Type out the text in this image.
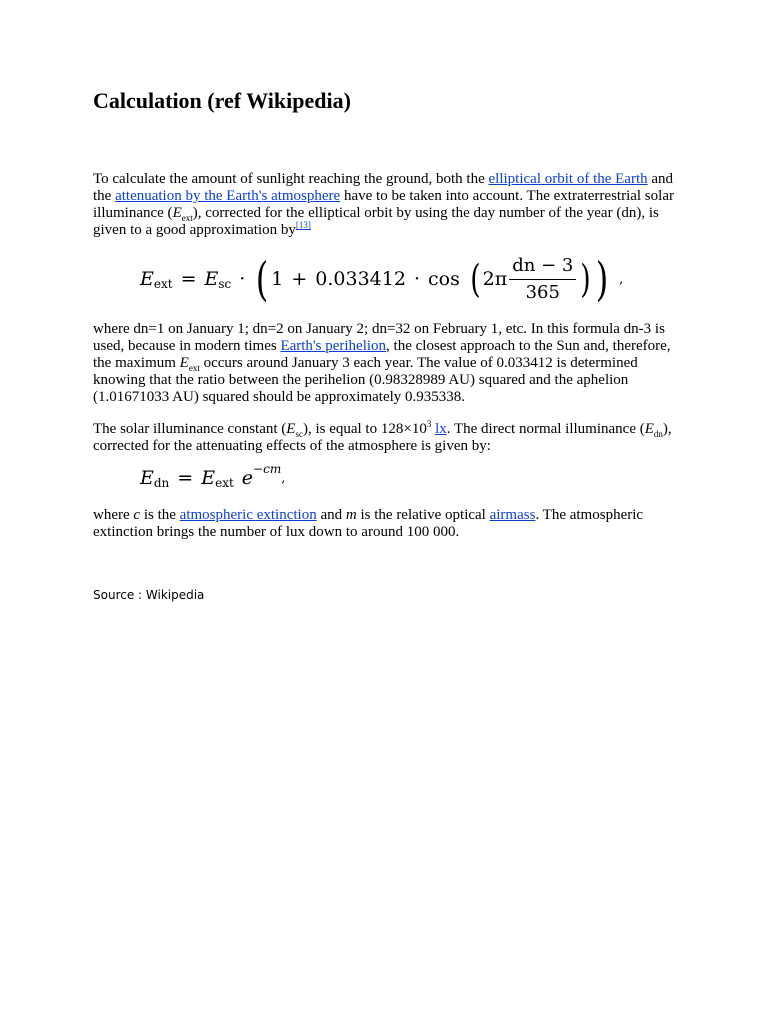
Calculation (ref Wikipedia)

To calculate the amount of sunlight reaching the ground, both the elliptical orbit of the Earth and the attenuation by the Earth's atmosphere have to be taken into account. The extraterrestrial solar illuminance $(E_{ext})$, corrected for the elliptical orbit by using the day number of the year (dn), is given to a good approximation by[13]

E ext = E sc · ( 1 + 0.033412 · cos ( $2\pi \frac{dn - 3}{365}$ ) ) ,

where dn=1 on January 1; dn=2 on January 2; dn=32 on February 1, etc. In this formula dn-3 is used, because in modern times Earth's perihelion, the closest approach to the Sun and, therefore, the maximum $E_{ext}$ occurs around January 3 each year. The value of 0.033412 is determined knowing that the ratio between the perihelion (0.98328989 AU) squared and the aphelion (1.01671033 AU) squared should be approximately 0.935338.

The solar illuminance constant $(E_{sc})$, is equal to $128\times 10^3$ lx. The direct normal illuminance $(E_{dn})$, corrected for the attenuating effects of the atmosphere is given by:

E dn = E ext e −cm
,

where c is the atmospheric extinction and m is the relative optical airmass. The atmospheric extinction brings the number of lux down to around 100 000.

Source : Wikipedia
